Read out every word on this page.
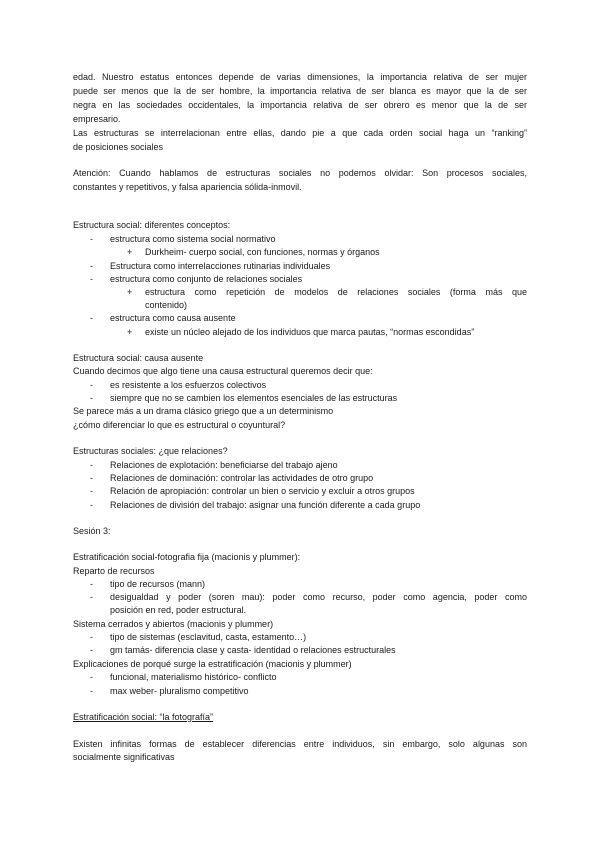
edad. Nuestro estatus entonces depende de varias dimensiones, la importancia relativa de ser mujer
puede ser menos que la de ser hombre, la importancia relativa de ser blanca es mayor que la de ser
negra en las sociedades occidentales, la importancia relativa de ser obrero es menor que la de ser
empresario.
Las estructuras se interrelacionan entre ellas, dando pie a que cada orden social haga un “ranking”
de posiciones sociales
Atención: Cuando hablamos de estructuras sociales no podemos olvidar: Son procesos sociales,
constantes y repetitivos, y falsa apariencia sólida-inmovil.
Estructura social: diferentes conceptos:
- estructura como sistema social normativo
+ Durkheim- cuerpo social, con funciones, normas y órganos
- Estructura como interrelacciones rutinarias individuales
- estructura como conjunto de relaciones sociales
+ estructura como repetición de modelos de relaciones sociales (forma más que
contenido)
- estructura como causa ausente
+ existe un núcleo alejado de los individuos que marca pautas, “normas escondidas”
Estructura social: causa ausente
Cuando decimos que algo tiene una causa estructural queremos decir que:
- es resistente a los esfuerzos colectivos
- siempre que no se cambien los elementos esenciales de las estructuras
Se parece más a un drama clásico griego que a un determinismo
¿cómo diferenciar lo que es estructural o coyuntural?
Estructuras sociales: ¿que relaciones?
- Relaciones de explotación: beneficiarse del trabajo ajeno
- Relaciones de dominación: controlar las actividades de otro grupo
- Relación de apropiación: controlar un bien o servicio y excluir a otros grupos
- Relaciones de división del trabajo: asignar una función diferente a cada grupo
Sesión 3:
Estratificación social-fotografia fija (macionis y plummer):
Reparto de recursos
- tipo de recursos (mann)
- desigualdad y poder (soren mau): poder como recurso, poder como agencia, poder como
posición en red, poder estructural.
Sistema cerrados y abiertos (macionis y plummer)
- tipo de sistemas (esclavitud, casta, estamento…)
- gm tamás- diferencia clase y casta- identidad o relaciones estructurales
Explicaciones de porqué surge la estratificación (macionis y plummer)
- funcional, materialismo histórico- conflicto
- max weber- pluralismo competitivo
Estratificación social: “la fotografía”
Existen infinitas formas de establecer diferencias entre individuos, sin embargo, solo algunas son
socialmente significativas
